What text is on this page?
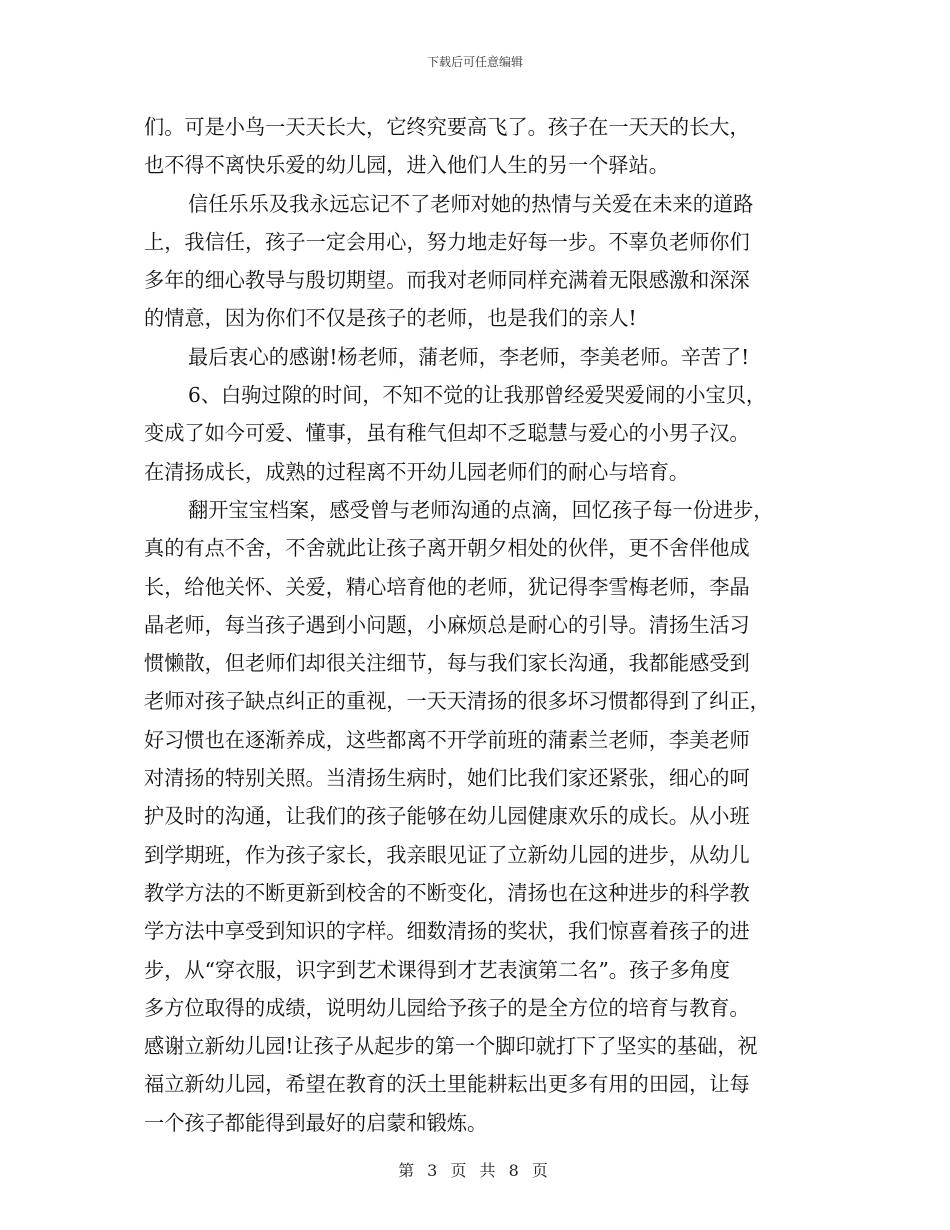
下载后可任意编辑
们。可是小鸟一天天长大，它终究要高飞了。孩子在一天天的长大，
也不得不离快乐爱的幼儿园，进入他们人生的另一个驿站。
信任乐乐及我永远忘记不了老师对她的热情与关爱在未来的道路
上，我信任，孩子一定会用心，努力地走好每一步。不辜负老师你们
多年的细心教导与殷切期望。而我对老师同样充满着无限感激和深深
的情意，因为你们不仅是孩子的老师，也是我们的亲人!
最后衷心的感谢!杨老师，蒲老师，李老师，李美老师。辛苦了!
6、白驹过隙的时间，不知不觉的让我那曾经爱哭爱闹的小宝贝，
变成了如今可爱、懂事，虽有稚气但却不乏聪慧与爱心的小男子汉。
在清扬成长，成熟的过程离不开幼儿园老师们的耐心与培育。
翻开宝宝档案，感受曾与老师沟通的点滴，回忆孩子每一份进步，
真的有点不舍，不舍就此让孩子离开朝夕相处的伙伴，更不舍伴他成
长，给他关怀、关爱，精心培育他的老师，犹记得李雪梅老师，李晶
晶老师，每当孩子遇到小问题，小麻烦总是耐心的引导。清扬生活习
惯懒散，但老师们却很关注细节，每与我们家长沟通，我都能感受到
老师对孩子缺点纠正的重视，一天天清扬的很多坏习惯都得到了纠正，
好习惯也在逐渐养成，这些都离不开学前班的蒲素兰老师，李美老师
对清扬的特别关照。当清扬生病时，她们比我们家还紧张，细心的呵
护及时的沟通，让我们的孩子能够在幼儿园健康欢乐的成长。从小班
到学期班，作为孩子家长，我亲眼见证了立新幼儿园的进步，从幼儿
教学方法的不断更新到校舍的不断变化，清扬也在这种进步的科学教
学方法中享受到知识的字样。细数清扬的奖状，我们惊喜着孩子的进
步，从“穿衣服，识字到艺术课得到才艺表演第二名”。孩子多角度
多方位取得的成绩，说明幼儿园给予孩子的是全方位的培育与教育。
感谢立新幼儿园!让孩子从起步的第一个脚印就打下了坚实的基础，祝
福立新幼儿园，希望在教育的沃土里能耕耘出更多有用的田园，让每
一个孩子都能得到最好的启蒙和锻炼。
第 3 页 共 8 页
